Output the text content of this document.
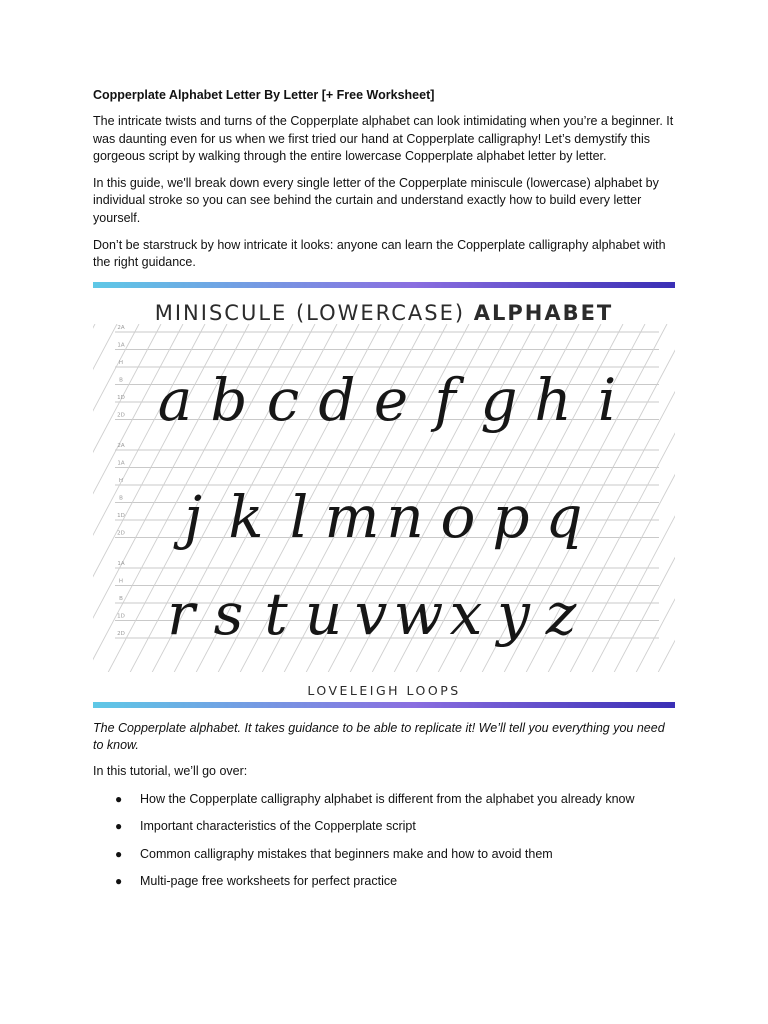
Copperplate Alphabet Letter By Letter [+ Free Worksheet]

The intricate twists and turns of the Copperplate alphabet can look intimidating when you’re a beginner. It was daunting even for us when we first tried our hand at Copperplate calligraphy! Let’s demystify this gorgeous script by walking through the entire lowercase Copperplate alphabet letter by letter.

In this guide, we'll break down every single letter of the Copperplate miniscule (lowercase) alphabet by individual stroke so you can see behind the curtain and understand exactly how to build every letter yourself.

Don’t be starstruck by how intricate it looks: anyone can learn the Copperplate calligraphy alphabet with the right guidance.

MINISCULE (LOWERCASE) ALPHABET
2A
1A
H
B
1D
2D
2A
1A
H
B
1D
2D
1A
H
B
1D
2D
a b c d e f g h i
j k l m n o p q
r s t u v w x y z
LOVELEIGH LOOPS
The Copperplate alphabet. It takes guidance to be able to replicate it! We’ll tell you everything you need to know.
In this tutorial, we’ll go over:
● How the Copperplate calligraphy alphabet is different from the alphabet you already know
● Important characteristics of the Copperplate script
● Common calligraphy mistakes that beginners make and how to avoid them
● Multi-page free worksheets for perfect practice
